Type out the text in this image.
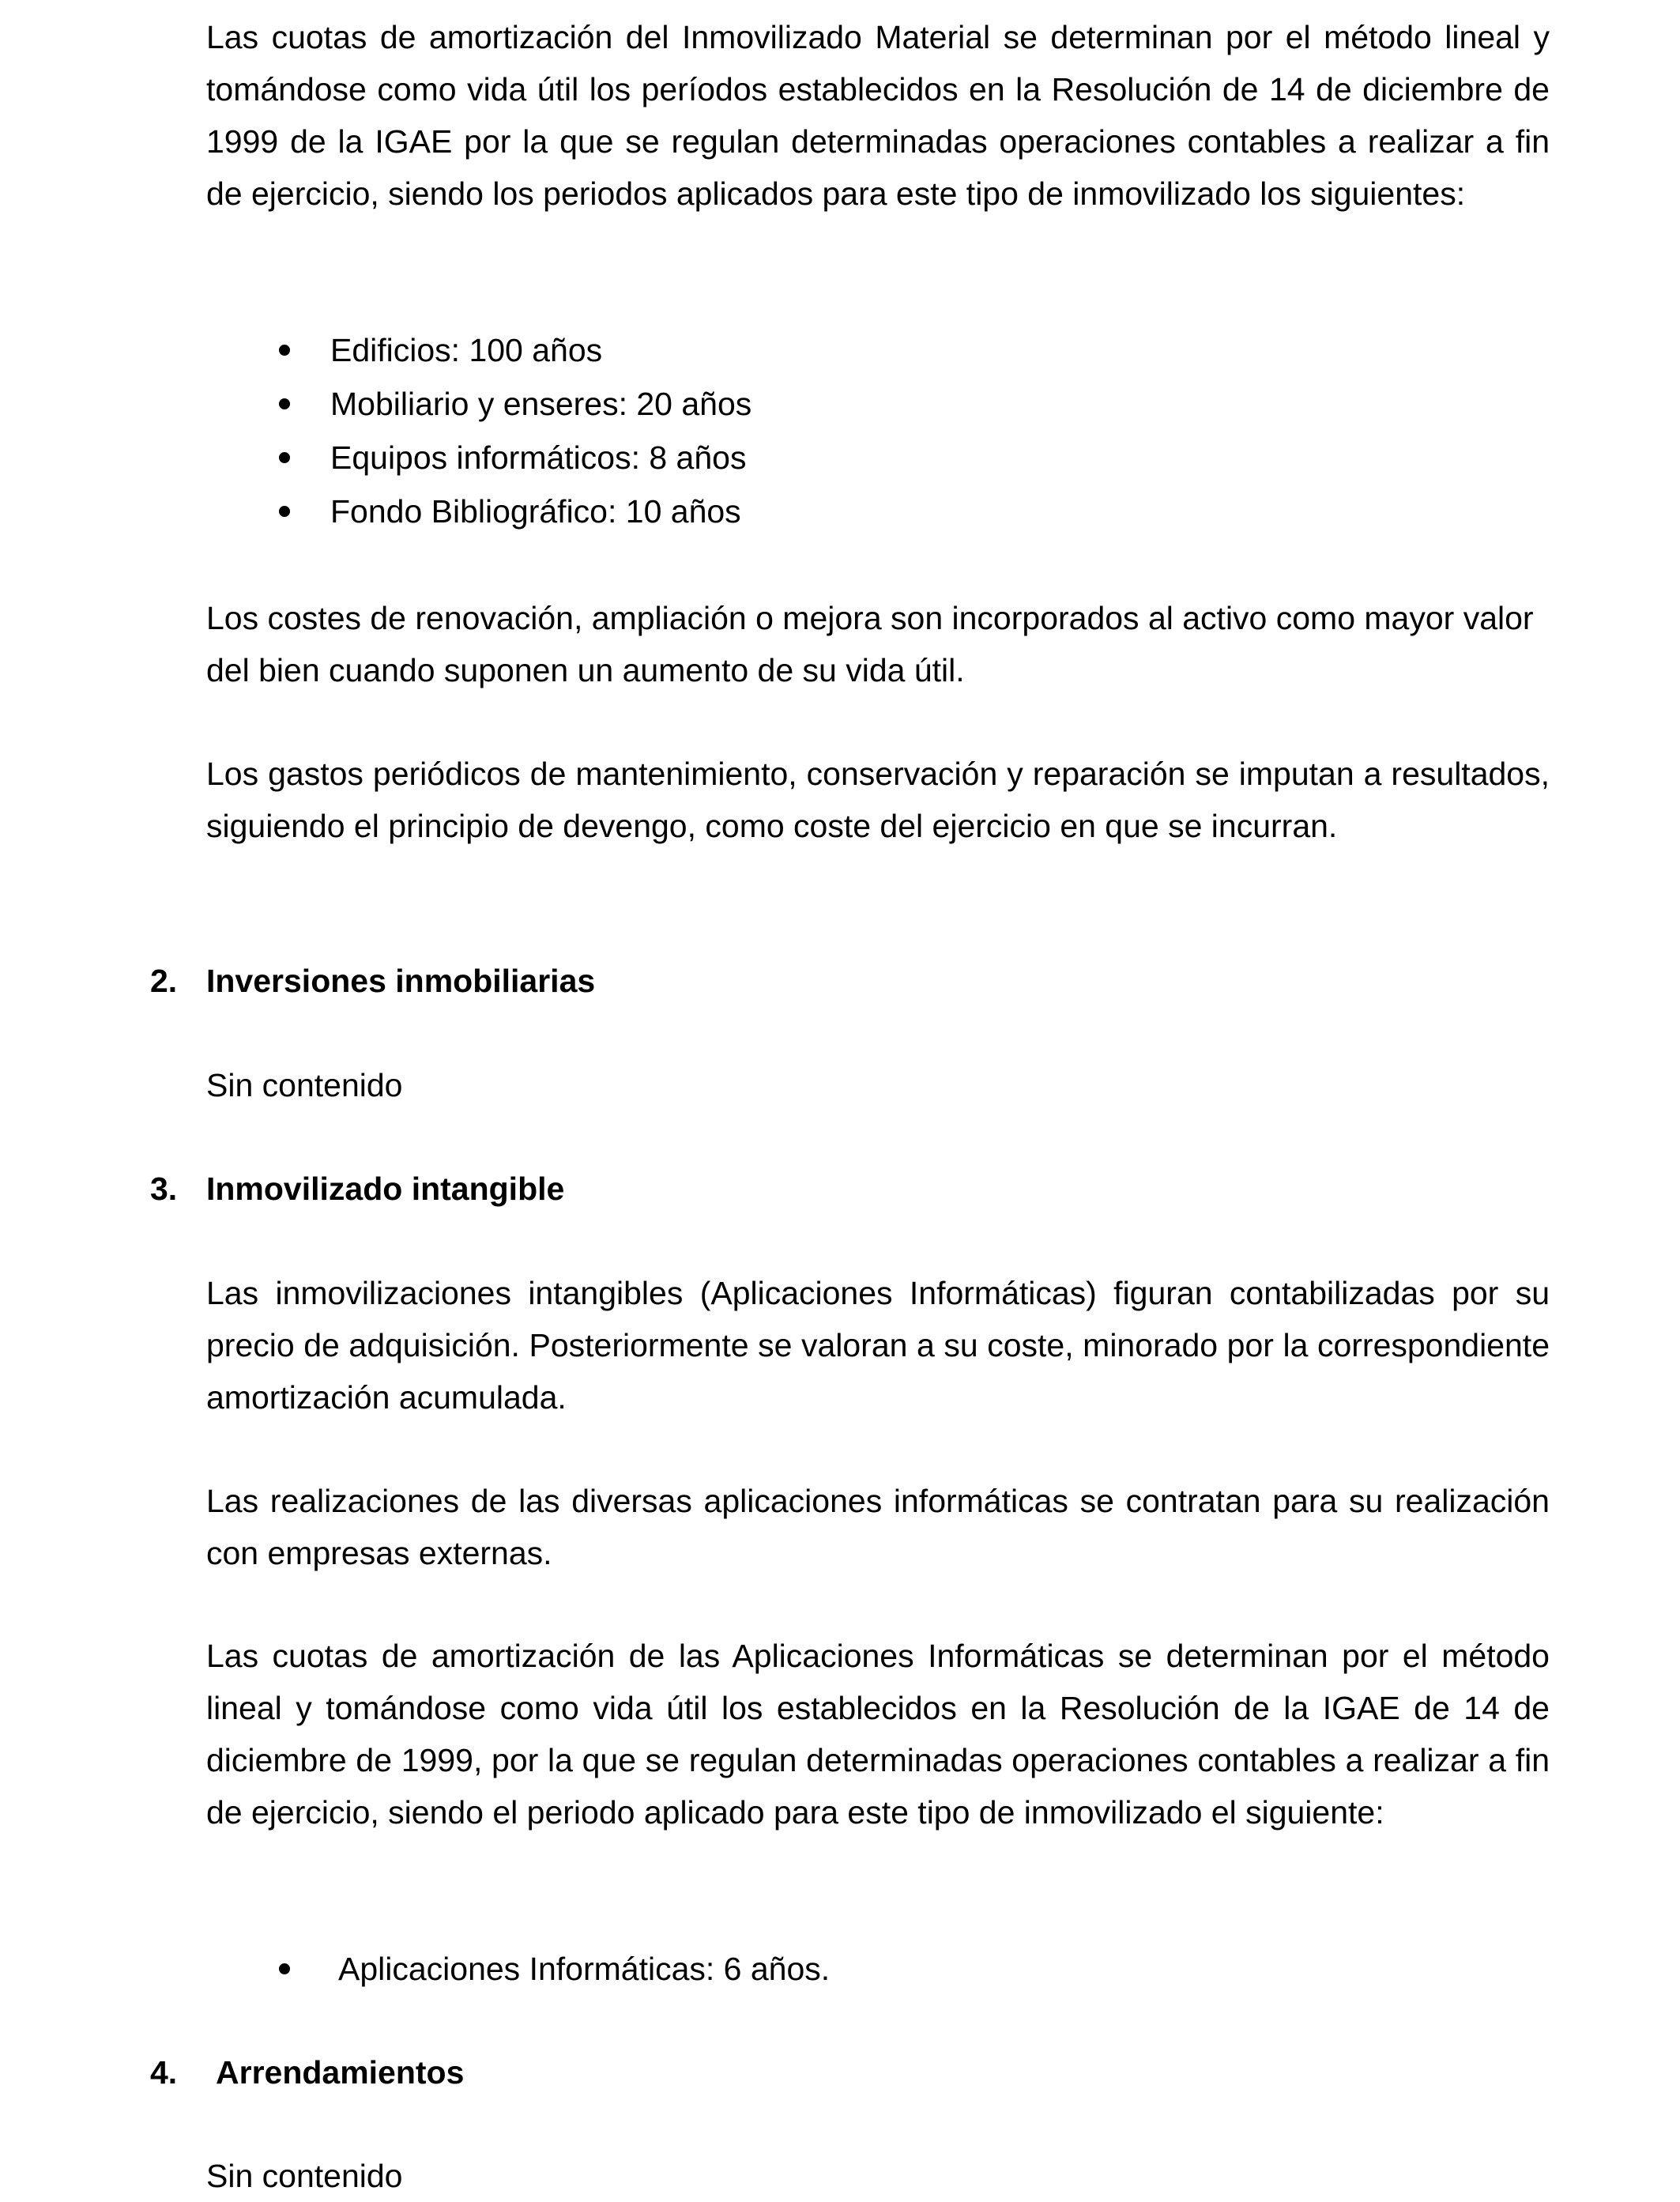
Las cuotas de amortización del Inmovilizado Material se determinan por el método lineal y tomándose como vida útil los períodos establecidos en la Resolución de 14 de diciembre de 1999 de la IGAE por la que se regulan determinadas operaciones contables a realizar a fin de ejercicio, siendo los periodos aplicados para este tipo de inmovilizado los siguientes:

Edificios: 100 años
Mobiliario y enseres: 20 años
Equipos informáticos: 8 años
Fondo Bibliográfico: 10 años

Los costes de renovación, ampliación o mejora son incorporados al activo como mayor valor del bien cuando suponen un aumento de su vida útil.

Los gastos periódicos de mantenimiento, conservación y reparación se imputan a resultados, siguiendo el principio de devengo, como coste del ejercicio en que se incurran.

2. Inversiones inmobiliarias

Sin contenido

3. Inmovilizado intangible

Las inmovilizaciones intangibles (Aplicaciones Informáticas) figuran contabilizadas por su precio de adquisición. Posteriormente se valoran a su coste, minorado por la correspondiente amortización acumulada.

Las realizaciones de las diversas aplicaciones informáticas se contratan para su realización con empresas externas.

Las cuotas de amortización de las Aplicaciones Informáticas se determinan por el método lineal y tomándose como vida útil los establecidos en la Resolución de la IGAE de 14 de diciembre de 1999, por la que se regulan determinadas operaciones contables a realizar a fin de ejercicio, siendo el periodo aplicado para este tipo de inmovilizado el siguiente:

Aplicaciones Informáticas: 6 años.
4. Arrendamientos

Sin contenido
